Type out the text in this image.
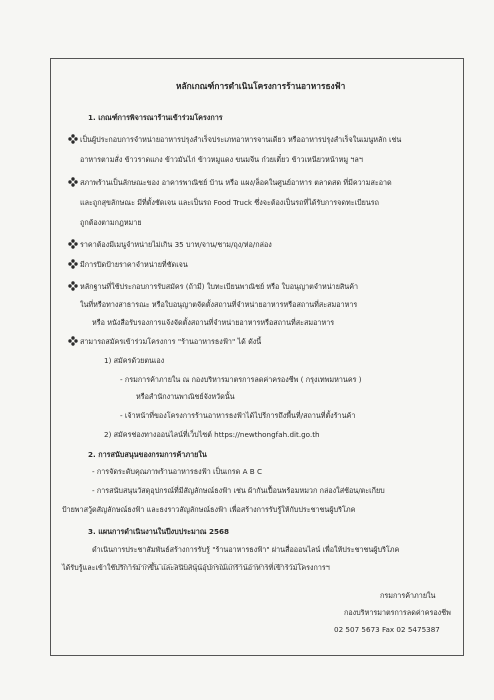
หลักเกณฑ์การดำเนินโครงการร้านอาหารธงฟ้า
1. เกณฑ์การพิจารณาร้านเข้าร่วมโครงการ
เป็นผู้ประกอบการจำหน่ายอาหารปรุงสำเร็จประเภทอาหารจานเดียว หรืออาหารปรุงสำเร็จในเมนูหลัก เช่น
อาหารตามสั่ง ข้าวราดแกง ข้าวมันไก่ ข้าวหมูแดง ขนมจีน ก๋วยเตี๋ยว ข้าวเหนียวหน้าหมู ฯลฯ
สภาพร้านเป็นลักษณะของ อาคารพาณิชย์ บ้าน หรือ แผง/ล็อคในศูนย์อาหาร ตลาดสด ที่มีความสะอาด
และถูกสุขลักษณะ มีที่ตั้งชัดเจน และเป็นรถ Food Truck ซึ่งจะต้องเป็นรถที่ได้รับการจดทะเบียนรถ
ถูกต้องตามกฎหมาย
ราคาต้องมีเมนูจำหน่ายไม่เกิน 35 บาท/จาน/ชาม/ถุง/ห่อ/กล่อง
มีการปิดป้ายราคาจำหน่ายที่ชัดเจน
หลักฐานที่ใช้ประกอบการรับสมัคร (ถ้ามี) ใบทะเบียนพาณิชย์ หรือ ใบอนุญาตจำหน่ายสินค้า
ในที่หรือทางสาธารณะ หรือใบอนุญาตจัดตั้งสถานที่จำหน่ายอาหารหรือสถานที่สะสมอาหาร
หรือ หนังสือรับรองการแจ้งจัดตั้งสถานที่จำหน่ายอาหารหรือสถานที่สะสมอาหาร
สามารถสมัครเข้าร่วมโครงการ "ร้านอาหารธงฟ้า" ได้ ดังนี้
1) สมัครด้วยตนเอง
- กรมการค้าภายใน ณ กองบริหารมาตรการลดค่าครองชีพ ( กรุงเทพมหานคร )
หรือสำนักงานพาณิชย์จังหวัดนั้น
- เจ้าหน้าที่ของโครงการร้านอาหารธงฟ้าได้ไปรีการถึงพื้นที่/สถานที่ตั้งร้านค้า
2) สมัครช่องทางออนไลน์ที่เว็บไซต์ https://newthongfah.dit.go.th
2. การสนับสนุนของกรมการค้าภายใน
- การจัดระดับคุณภาพร้านอาหารธงฟ้า เป็นเกรด A B C
- การสนับสนุนวัสดุอุปกรณ์ที่มีสัญลักษณ์ธงฟ้า เช่น ผ้ากันเปื้อนพร้อมหมวก กล่องใส่ช้อน/ตะเกียบ
ป้ายพาสวู้ดสัญลักษณ์ธงฟ้า และธงราวสัญลักษณ์ธงฟ้า เพื่อสร้างการรับรู้ให้กับประชาชนผู้บริโภค
3. แผนการดำเนินงานในปีงบประมาณ 2568
ดำเนินการประชาสัมพันธ์สร้างการรับรู้ "ร้านอาหารธงฟ้า" ผ่านสื่อออนไลน์ เพื่อให้ประชาชนผู้บริโภค
ได้รับรู้และเข้าใช้บริการมากขึ้น และสนับสนุนอุปกรณ์แก่ร้านอาหารที่เข้าร่วมโครงการฯ
กรมการค้าภายใน
กองบริหารมาตรการลดค่าครองชีพ
02 507 5673 Fax 02 5475387
